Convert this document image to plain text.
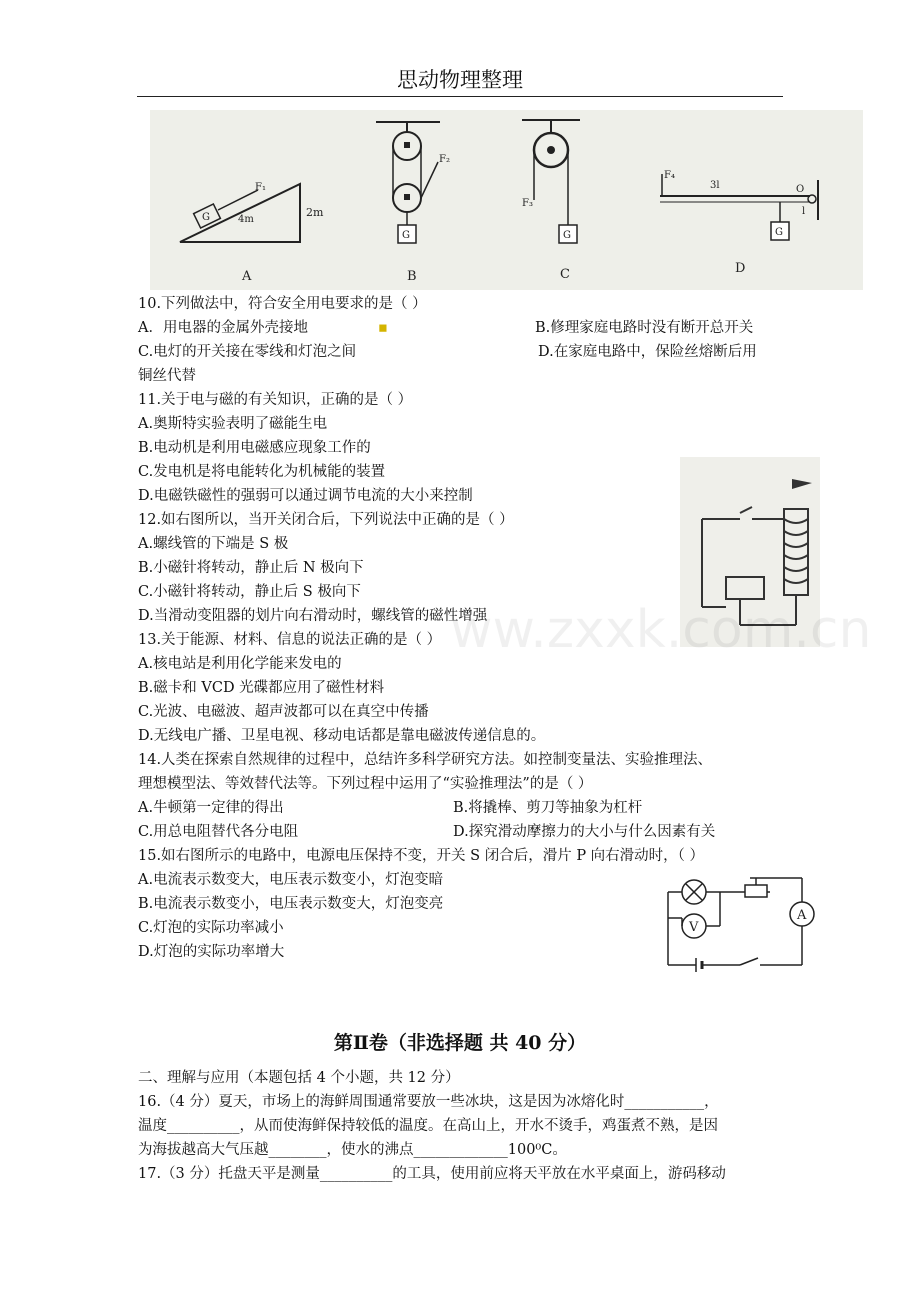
思动物理整理
G
F₁
4m
2m
A
F₂
G
B
F₃
G
C
F₄
3l
l
O
G
D
10.下列做法中，符合安全用电要求的是（ ）
A．用电器的金属外壳接地	▪	B.修理家庭电路时没有断开总开关
C.电灯的开关接在零线和灯泡之间	D.在家庭电路中，保险丝熔断后用
铜丝代替
11.关于电与磁的有关知识，正确的是（ ）
A.奥斯特实验表明了磁能生电
B.电动机是利用电磁感应现象工作的
C.发电机是将电能转化为机械能的装置
D.电磁铁磁性的强弱可以通过调节电流的大小来控制
12.如右图所以，当开关闭合后，下列说法中正确的是（ ）
A.螺线管的下端是 S 极
B.小磁针将转动，静止后 N 极向下
C.小磁针将转动，静止后 S 极向下
D.当滑动变阻器的划片向右滑动时，螺线管的磁性增强
ww.zxxk.com.cn
13.关于能源、材料、信息的说法正确的是（ ）
A.核电站是利用化学能来发电的
B.磁卡和 VCD 光碟都应用了磁性材料
C.光波、电磁波、超声波都可以在真空中传播
D.无线电广播、卫星电视、移动电话都是靠电磁波传递信息的。
14.人类在探索自然规律的过程中，总结许多科学研究方法。如控制变量法、实验推理法、
理想模型法、等效替代法等。下列过程中运用了“实验推理法”的是（ ）
A.牛顿第一定律的得出	B.将撬棒、剪刀等抽象为杠杆
C.用总电阻替代各分电阻	D.探究滑动摩擦力的大小与什么因素有关
15.如右图所示的电路中，电源电压保持不变，开关 S 闭合后，滑片 P 向右滑动时，（ ）
A.电流表示数变大，电压表示数变小，灯泡变暗
B.电流表示数变小，电压表示数变大，灯泡变亮
C.灯泡的实际功率减小
D.灯泡的实际功率增大
A
V
第Ⅱ卷（非选择题 共 40 分）
二、理解与应用（本题包括 4 个小题，共 12 分）
16.（4 分）夏天，市场上的海鲜周围通常要放一些冰块，这是因为冰熔化时___________，
温度__________，从而使海鲜保持较低的温度。在高山上，开水不烫手，鸡蛋煮不熟，是因
为海拔越高大气压越________，使水的沸点_____________100⁰C。
17.（3 分）托盘天平是测量__________的工具，使用前应将天平放在水平桌面上，游码移动
